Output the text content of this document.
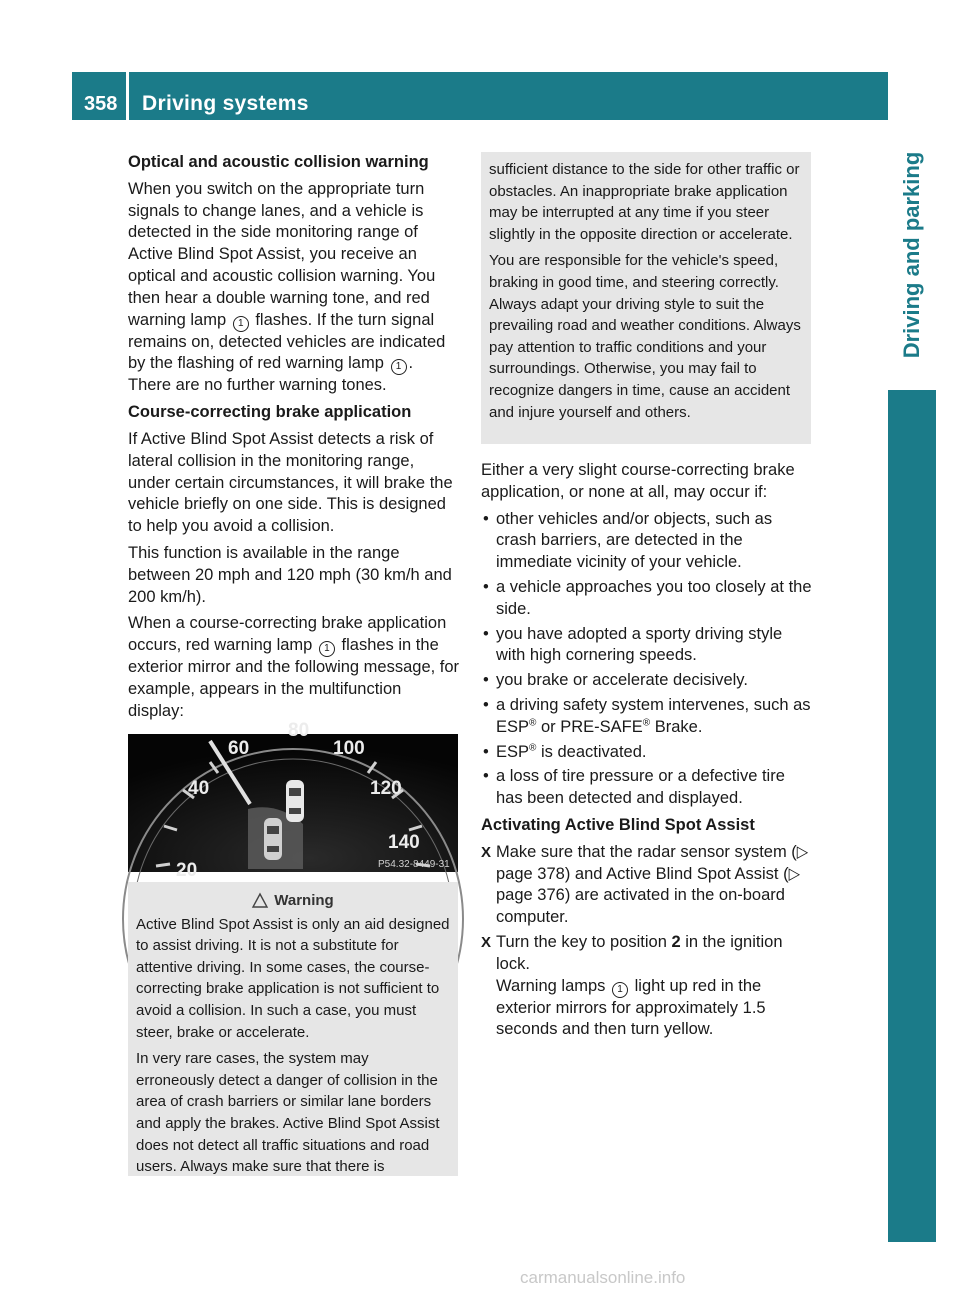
358	Driving systems
Driving and parking
Optical and acoustic collision warning

When you switch on the appropriate turn signals to change lanes, and a vehicle is detected in the side monitoring range of Active Blind Spot Assist, you receive an optical and acoustic collision warning. You then hear a double warning tone, and red warning lamp 1 flashes. If the turn signal remains on, detected vehicles are indicated by the flashing of red warning lamp 1 . There are no further warning tones.

Course-correcting brake application

If Active Blind Spot Assist detects a risk of lateral collision in the monitoring range, under certain circumstances, it will brake the vehicle briefly on one side. This is designed to help you avoid a collision.

This function is available in the range between 20 mph and 120 mph (30 km/h and 200 km/h).

When a course-correcting brake application occurs, red warning lamp 1 flashes in the exterior mirror and the following message, for example, appears in the multifunction display:

20
40
60
80
100
120
140
P54.32-8449-31
Warning

Active Blind Spot Assist is only an aid designed to assist driving. It is not a substitute for attentive driving. In some cases, the course-correcting brake application is not sufficient to avoid a collision. In such a case, you must steer, brake or accelerate.

In very rare cases, the system may erroneously detect a danger of collision in the area of crash barriers or similar lane borders and apply the brakes. Active Blind Spot Assist does not detect all traffic situations and road users. Always make sure that there is

sufficient distance to the side for other traffic or obstacles. An inappropriate brake application may be interrupted at any time if you steer slightly in the opposite direction or accelerate.

You are responsible for the vehicle's speed, braking in good time, and steering correctly. Always adapt your driving style to suit the prevailing road and weather conditions. Always pay attention to traffic conditions and your surroundings. Otherwise, you may fail to recognize dangers in time, cause an accident and injure yourself and others.

Either a very slight course-correcting brake application, or none at all, may occur if:

• other vehicles and/or objects, such as crash barriers, are detected in the immediate vicinity of your vehicle.
• a vehicle approaches you too closely at the side.
• you have adopted a sporty driving style with high cornering speeds.
• you brake or accelerate decisively.
• a driving safety system intervenes, such as ESP® or PRE-SAFE® Brake.
• ESP® is deactivated.
• a loss of tire pressure or a defective tire has been detected and displayed.
Activating Active Blind Spot Assist
X Make sure that the radar sensor system (▷ page 378) and Active Blind Spot Assist (▷ page 376) are activated in the on-board computer.
X Turn the key to position 2 in the ignition lock.
Warning lamps 1 light up red in the exterior mirrors for approximately 1.5 seconds and then turn yellow.
carmanualsonline.info
